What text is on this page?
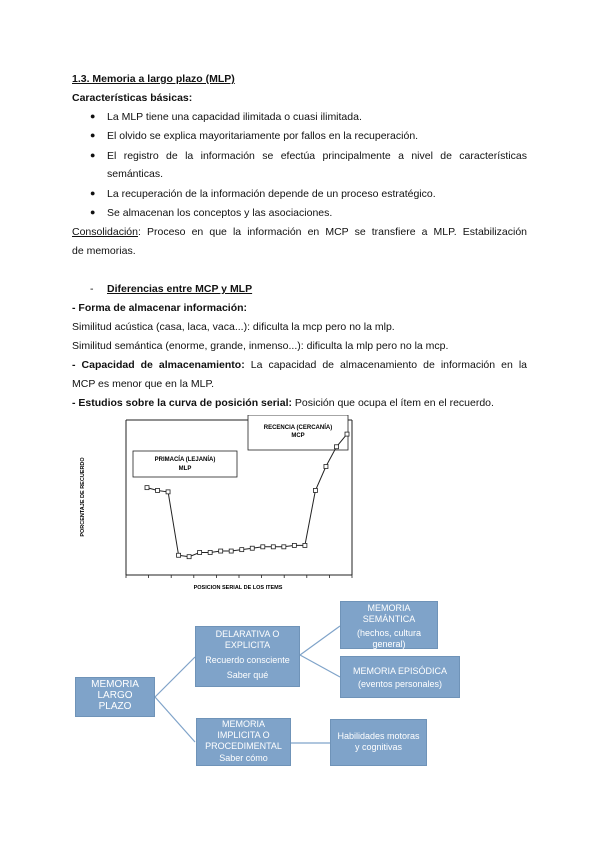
1.3. Memoria a largo plazo (MLP)
Características básicas:
● La MLP tiene una capacidad ilimitada o cuasi ilimitada.
● El olvido se explica mayoritariamente por fallos en la recuperación.
● El registro de la información se efectúa principalmente a nivel de características
semánticas.
● La recuperación de la información depende de un proceso estratégico.
● Se almacenan los conceptos y las asociaciones.
Consolidación: Proceso en que la información en MCP se transfiere a MLP. Estabilización
de memorias.
- Diferencias entre MCP y MLP
- Forma de almacenar información:
Similitud acústica (casa, laca, vaca...): dificulta la mcp pero no la mlp.
Similitud semántica (enorme, grande, inmenso...): dificulta la mlp pero no la mcp.
- Capacidad de almacenamiento: La capacidad de almacenamiento de información en la
MCP es menor que en la MLP.
- Estudios sobre la curva de posición serial: Posición que ocupa el ítem en el recuerdo.
PRIMACÍA (LEJANÍA)
MLP
RECENCIA (CERCANÍA)
MCP
PORCENTAJE DE RECUERDO
POSICION SERIAL DE LOS ITEMS
MEMORIA
LARGO
PLAZO
DELARATIVA O
EXPLICITA
Recuerdo consciente
Saber qué
MEMORIA
SEMÁNTICA
(hechos, cultura
general)
MEMORIA EPISÓDICA
(eventos personales)
MEMORIA
IMPLICITA O
PROCEDIMENTAL
Saber cómo
Habilidades motoras
y cognitivas
